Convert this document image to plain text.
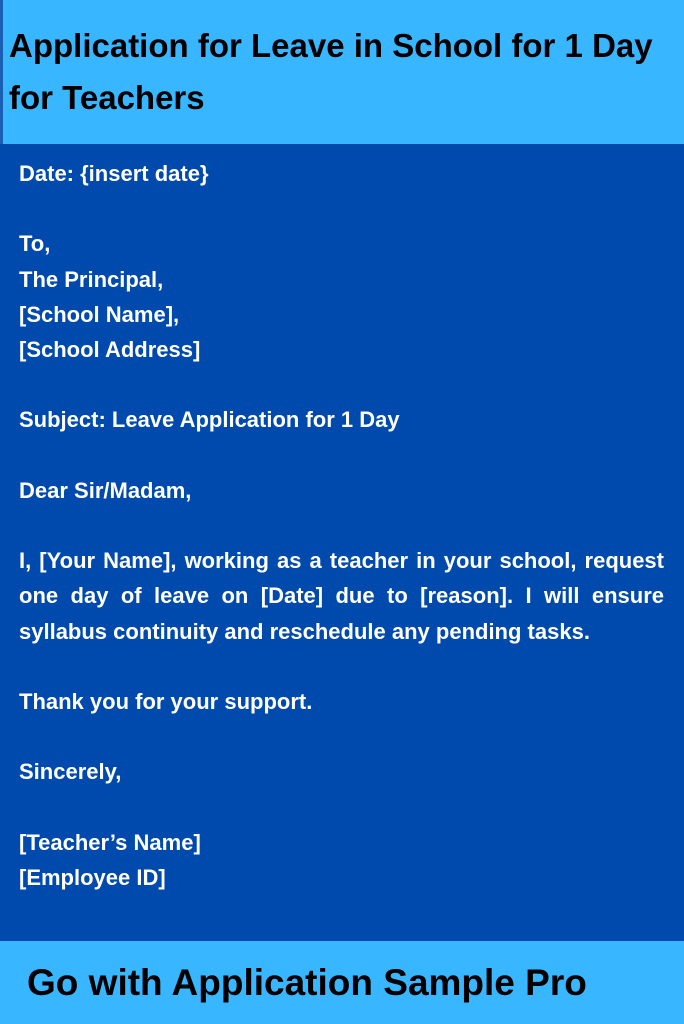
Application for Leave in School for 1 Day for Teachers

Date: {insert date}

To,

The Principal,

[School Name],

[School Address]

Subject: Leave Application for 1 Day

Dear Sir/Madam,

I, [Your Name], working as a teacher in your school, request one day of leave on [Date] due to [reason]. I will ensure syllabus continuity and reschedule any pending tasks.

Thank you for your support.

Sincerely,

[Teacher’s Name]

[Employee ID]

Go with Application Sample Pro
